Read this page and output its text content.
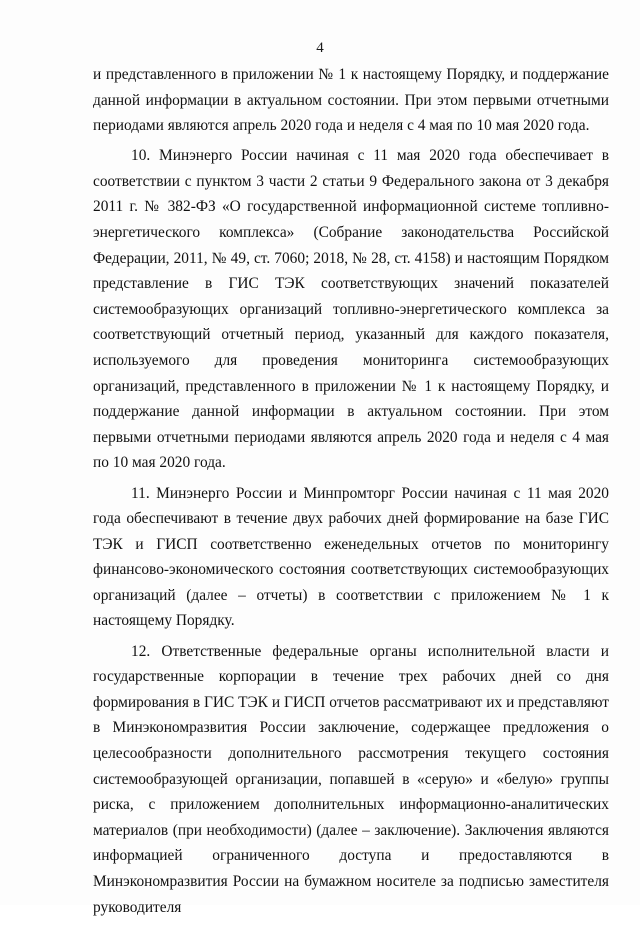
4

и представленного в приложении № 1 к настоящему Порядку, и поддержание данной информации в актуальном состоянии. При этом первыми отчетными периодами являются апрель 2020 года и неделя с 4 мая по 10 мая 2020 года.

10. Минэнерго России начиная с 11 мая 2020 года обеспечивает в соответствии с пунктом 3 части 2 статьи 9 Федерального закона от 3 декабря 2011 г. № 382-ФЗ «О государственной информационной системе топливно-энергетического комплекса» (Собрание законодательства Российской Федерации, 2011, № 49, ст. 7060; 2018, № 28, ст. 4158) и настоящим Порядком представление в ГИС ТЭК соответствующих значений показателей системообразующих организаций топливно-энергетического комплекса за соответствующий отчетный период, указанный для каждого показателя, используемого для проведения мониторинга системообразующих организаций, представленного в приложении № 1 к настоящему Порядку, и поддержание данной информации в актуальном состоянии. При этом первыми отчетными периодами являются апрель 2020 года и неделя с 4 мая по 10 мая 2020 года.

11. Минэнерго России и Минпромторг России начиная с 11 мая 2020 года обеспечивают в течение двух рабочих дней формирование на базе ГИС ТЭК и ГИСП соответственно еженедельных отчетов по мониторингу финансово-экономического состояния соответствующих системообразующих организаций (далее – отчеты) в соответствии с приложением № 1 к настоящему Порядку.

12. Ответственные федеральные органы исполнительной власти и государственные корпорации в течение трех рабочих дней со дня формирования в ГИС ТЭК и ГИСП отчетов рассматривают их и представляют в Минэкономразвития России заключение, содержащее предложения о целесообразности дополнительного рассмотрения текущего состояния системообразующей организации, попавшей в «серую» и «белую» группы риска, с приложением дополнительных информационно-аналитических материалов (при необходимости) (далее – заключение). Заключения являются информацией ограниченного доступа и предоставляются в Минэкономразвития России на бумажном носителе за подписью заместителя руководителя
